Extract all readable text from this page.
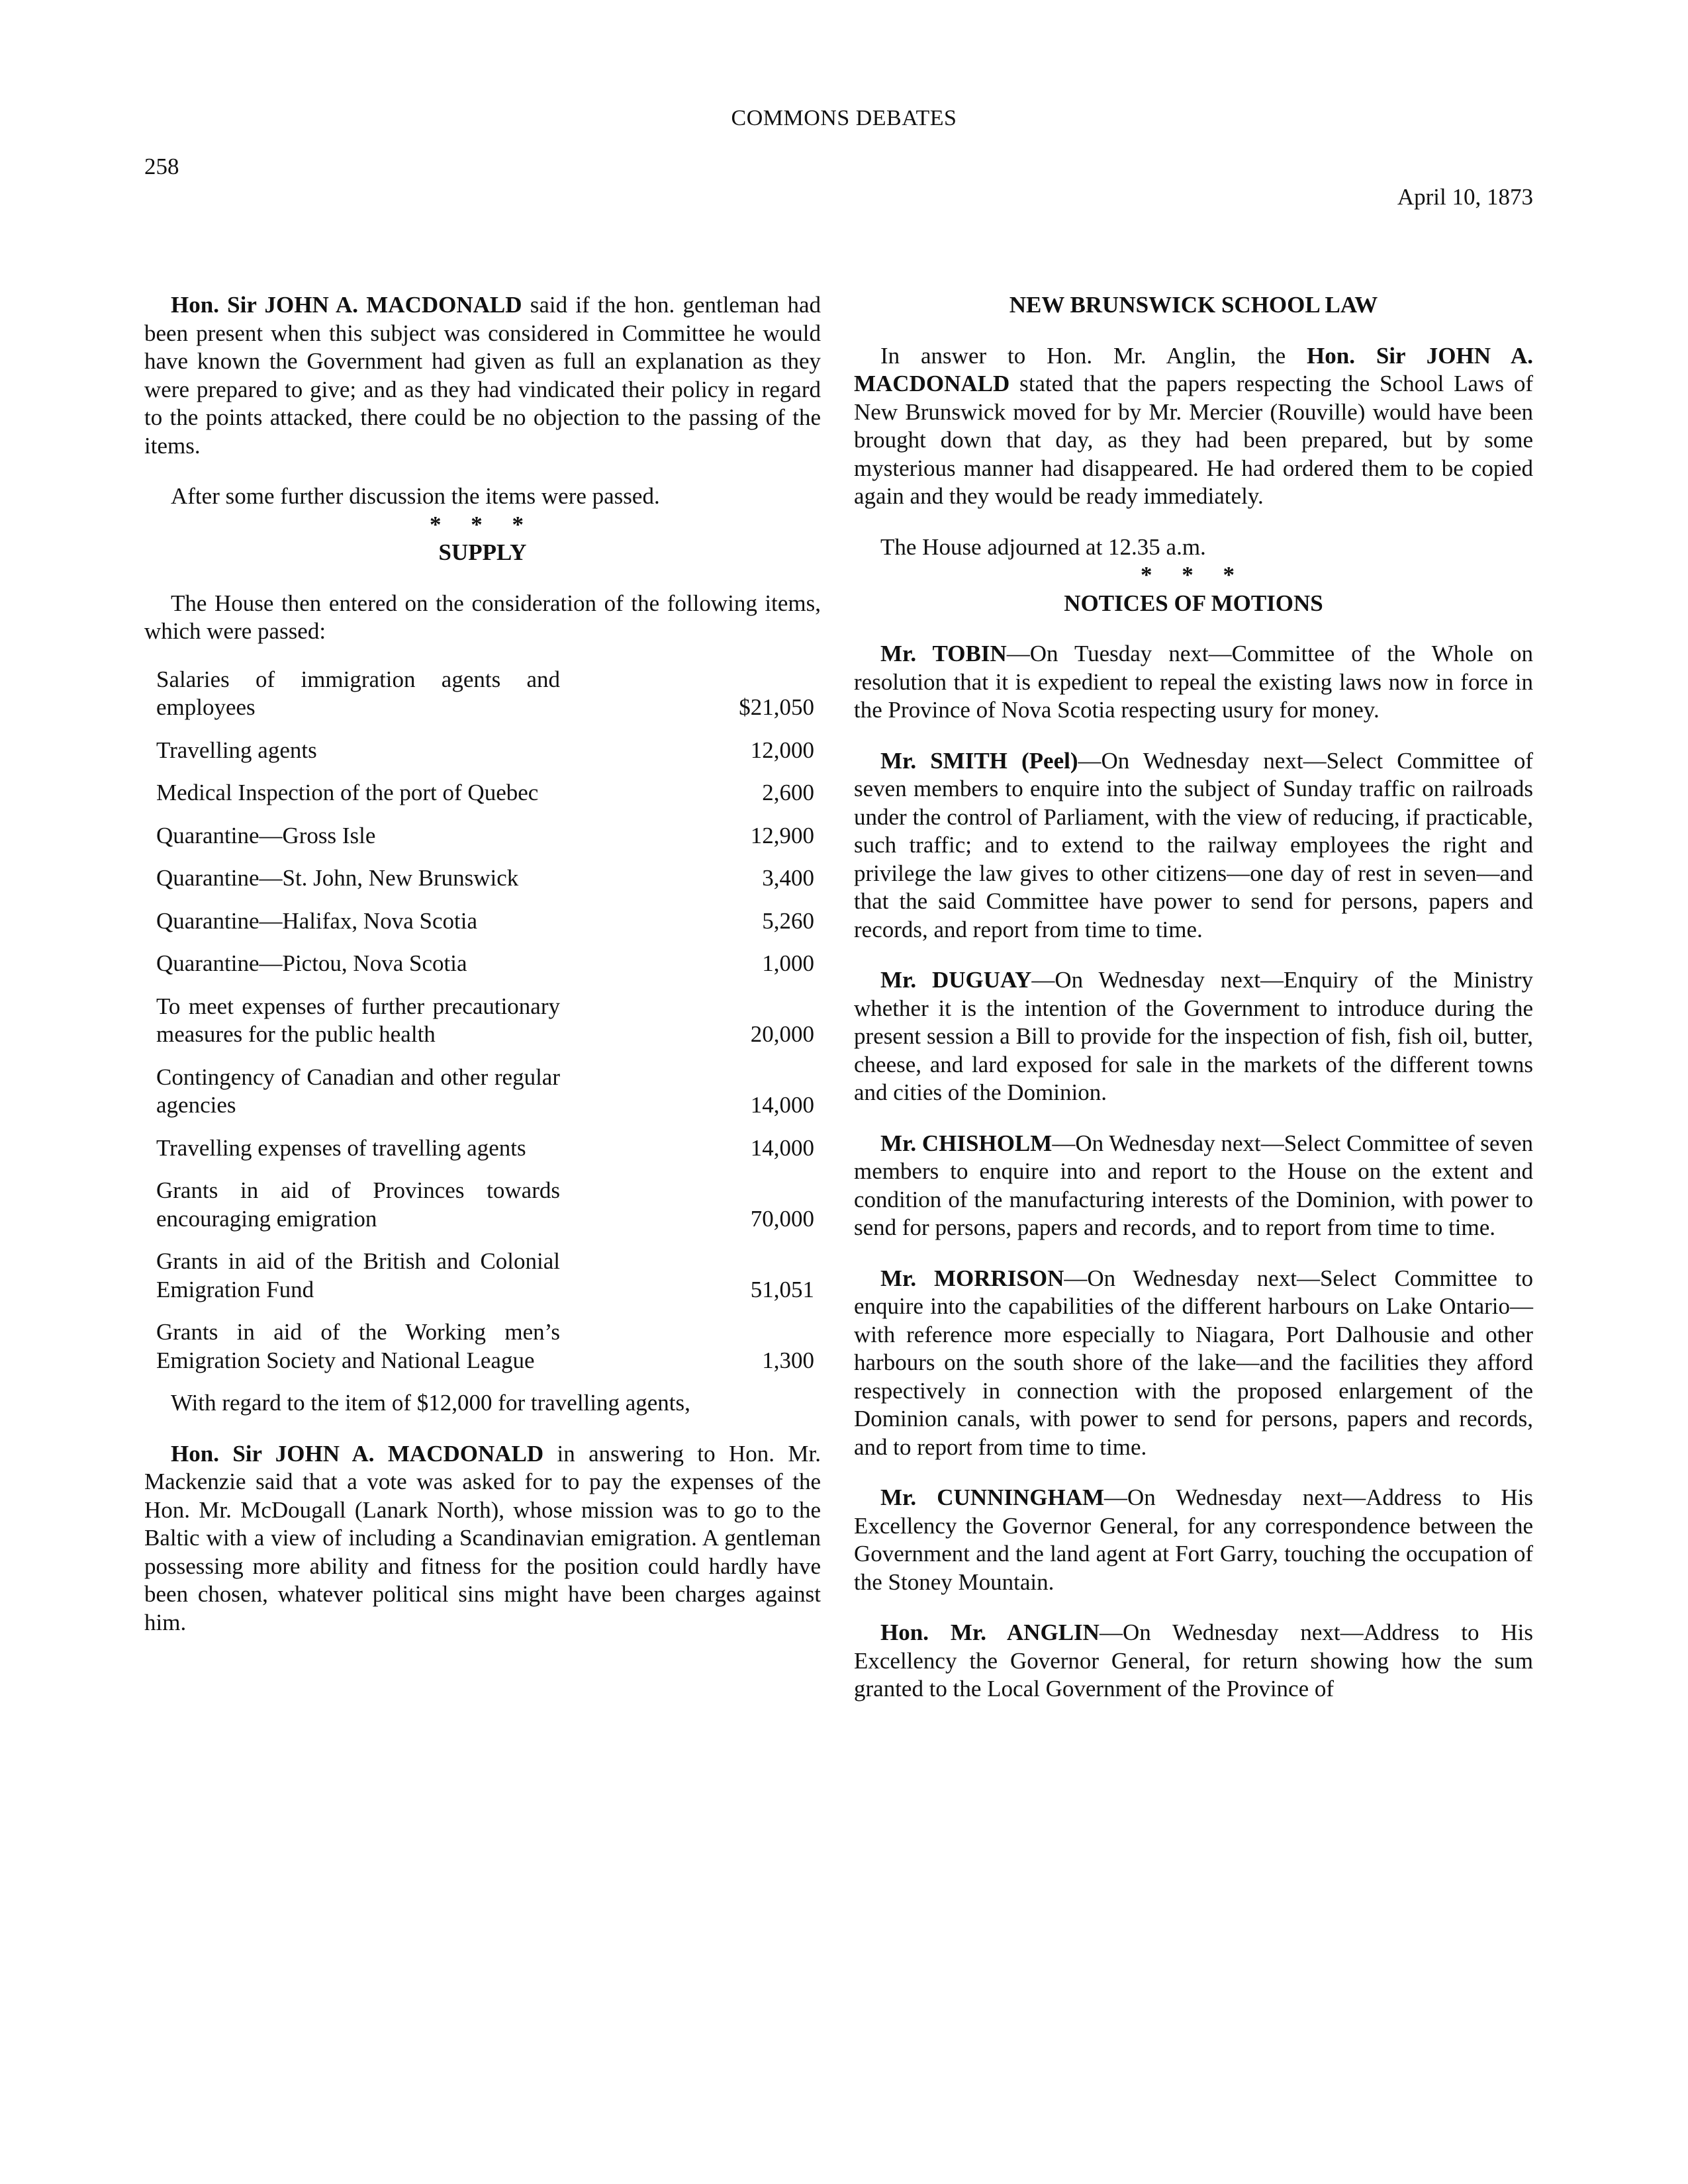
COMMONS DEBATES
258
April 10, 1873

Hon. Sir JOHN A. MACDONALD said if the hon. gentleman had been present when this subject was considered in Committee he would have known the Government had given as full an explanation as they were prepared to give; and as they had vindicated their policy in regard to the points attacked, there could be no objection to the passing of the items.

After some further discussion the items were passed.

* * *

SUPPLY

The House then entered on the consideration of the following items, which were passed:

Salaries of immigration agents and employees	$21,050
Travelling agents	12,000
Medical Inspection of the port of Quebec	2,600
Quarantine—Gross Isle	12,900
Quarantine—St. John, New Brunswick	3,400
Quarantine—Halifax, Nova Scotia	5,260
Quarantine—Pictou, Nova Scotia	1,000
To meet expenses of further precautionary measures for the public health	20,000
Contingency of Canadian and other regular agencies	14,000
Travelling expenses of travelling agents	14,000
Grants in aid of Provinces towards encouraging emigration	70,000
Grants in aid of the British and Colonial Emigration Fund	51,051
Grants in aid of the Working men’s Emigration Society and National League	1,300

With regard to the item of $12,000 for travelling agents,

Hon. Sir JOHN A. MACDONALD in answering to Hon. Mr. Mackenzie said that a vote was asked for to pay the expenses of the Hon. Mr. McDougall (Lanark North), whose mission was to go to the Baltic with a view of including a Scandinavian emigration. A gentleman possessing more ability and fitness for the position could hardly have been chosen, whatever political sins might have been charges against him.

NEW BRUNSWICK SCHOOL LAW

In answer to Hon. Mr. Anglin, the Hon. Sir JOHN A. MACDONALD stated that the papers respecting the School Laws of New Brunswick moved for by Mr. Mercier (Rouville) would have been brought down that day, as they had been prepared, but by some mysterious manner had disappeared. He had ordered them to be copied again and they would be ready immediately.

The House adjourned at 12.35 a.m.

* * *

NOTICES OF MOTIONS

Mr. TOBIN—On Tuesday next—Committee of the Whole on resolution that it is expedient to repeal the existing laws now in force in the Province of Nova Scotia respecting usury for money.

Mr. SMITH (Peel)—On Wednesday next—Select Committee of seven members to enquire into the subject of Sunday traffic on railroads under the control of Parliament, with the view of reducing, if practicable, such traffic; and to extend to the railway employees the right and privilege the law gives to other citizens—one day of rest in seven—and that the said Committee have power to send for persons, papers and records, and report from time to time.

Mr. DUGUAY—On Wednesday next—Enquiry of the Ministry whether it is the intention of the Government to introduce during the present session a Bill to provide for the inspection of fish, fish oil, butter, cheese, and lard exposed for sale in the markets of the different towns and cities of the Dominion.

Mr. CHISHOLM—On Wednesday next—Select Committee of seven members to enquire into and report to the House on the extent and condition of the manufacturing interests of the Dominion, with power to send for persons, papers and records, and to report from time to time.

Mr. MORRISON—On Wednesday next—Select Committee to enquire into the capabilities of the different harbours on Lake Ontario—with reference more especially to Niagara, Port Dalhousie and other harbours on the south shore of the lake—and the facilities they afford respectively in connection with the proposed enlargement of the Dominion canals, with power to send for persons, papers and records, and to report from time to time.

Mr. CUNNINGHAM—On Wednesday next—Address to His Excellency the Governor General, for any correspondence between the Government and the land agent at Fort Garry, touching the occupation of the Stoney Mountain.

Hon. Mr. ANGLIN—On Wednesday next—Address to His Excellency the Governor General, for return showing how the sum granted to the Local Government of the Province of
